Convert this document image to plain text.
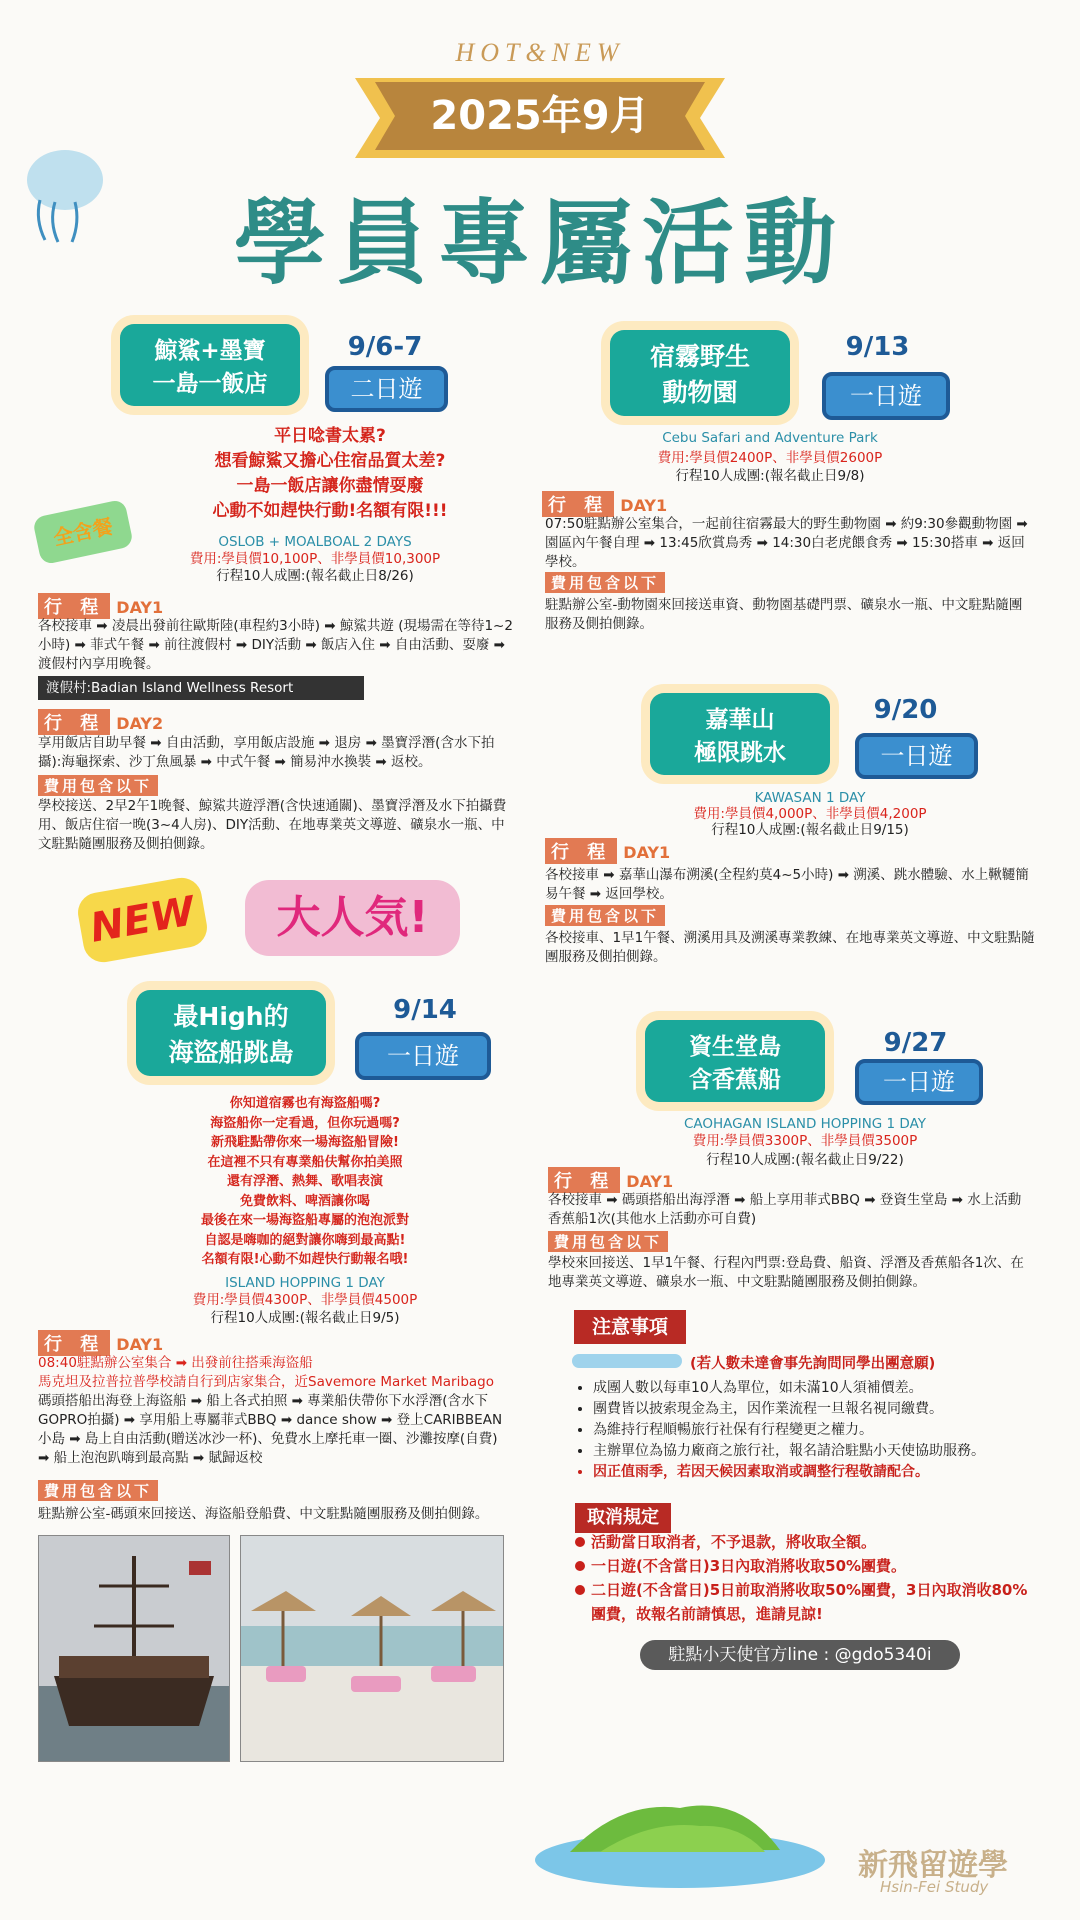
HOT&NEW
2025年9月
學員專屬活動
鯨鯊+墨寶
一島一飯店
9/6-7
二日遊
平日唸書太累?
想看鯨鯊又擔心住宿品質太差?
一島一飯店讓你盡情耍廢
心動不如趕快行動!名額有限!!!
全含餐	OSLOB + MOALBOAL 2 DAYS
費用:學員價10,100P、非學員價10,300P
行程10人成團:(報名截止日8/26)
行 程 DAY1
各校接車 ➡ 凌晨出發前往歐斯陸(車程約3小時) ➡ 鯨鯊共遊 (現場需在等待1~2小時) ➡ 菲式午餐 ➡ 前往渡假村 ➡ DIY活動 ➡ 飯店入住 ➡ 自由活動、耍廢 ➡ 渡假村內享用晚餐。
渡假村:Badian Island Wellness Resort
行 程 DAY2
享用飯店自助早餐 ➡ 自由活動，享用飯店設施 ➡ 退房 ➡ 墨寶浮潛(含水下拍攝):海龜探索、沙丁魚風暴 ➡ 中式午餐 ➡ 簡易沖水換裝 ➡ 返校。
費用包含以下
學校接送、2早2午1晚餐、鯨鯊共遊浮潛(含快速通關)、墨寶浮潛及水下拍攝費用、飯店住宿一晚(3~4人房)、DIY活動、在地專業英文導遊、礦泉水一瓶、中文駐點隨團服務及側拍側錄。
宿霧野生
動物園
9/13
一日遊
Cebu Safari and Adventure Park
費用:學員價2400P、非學員價2600P
行程10人成團:(報名截止日9/8)
行 程 DAY1
07:50駐點辦公室集合，一起前往宿霧最大的野生動物園 ➡ 約9:30參觀動物園 ➡ 園區內午餐自理 ➡ 13:45欣賞鳥秀 ➡ 14:30白老虎餵食秀 ➡ 15:30搭車 ➡ 返回學校。
費用包含以下
駐點辦公室-動物園來回接送車資、動物園基礎門票、礦泉水一瓶、中文駐點隨團服務及側拍側錄。
嘉華山
極限跳水
9/20
一日遊
KAWASAN 1 DAY
費用:學員價4,000P、非學員價4,200P
行程10人成團:(報名截止日9/15)
行 程 DAY1
各校接車 ➡ 嘉華山瀑布溯溪(全程約莫4~5小時) ➡ 溯溪、跳水體驗、水上鞦韆簡易午餐 ➡ 返回學校。
費用包含以下
各校接車、1早1午餐、溯溪用具及溯溪專業教練、在地專業英文導遊、中文駐點隨團服務及側拍側錄。
NEW	大人気!
最High的
海盜船跳島
9/14
一日遊
你知道宿霧也有海盜船嗎?
海盜船你一定看過，但你玩過嗎?
新飛駐點帶你來一場海盜船冒險!
在這裡不只有專業船伕幫你拍美照
還有浮潛、熱舞、歌唱表演
免費飲料、啤酒讓你喝
最後在來一場海盜船專屬的泡泡派對
自認是嗨咖的絕對讓你嗨到最高點!
名額有限!心動不如趕快行動報名哦!
ISLAND HOPPING 1 DAY
費用:學員價4300P、非學員價4500P
行程10人成團:(報名截止日9/5)
行 程 DAY1
08:40駐點辦公室集合 ➡ 出發前往搭乘海盜船
馬克坦及拉普拉普學校請自行到店家集合，近Savemore Market Maribago
碼頭搭船出海登上海盜船 ➡ 船上各式拍照 ➡ 專業船伕帶你下水浮潛(含水下GOPRO拍攝) ➡ 享用船上專屬菲式BBQ ➡ dance show ➡ 登上CARIBBEAN 小島 ➡ 島上自由活動(贈送冰沙一杯)、免費水上摩托車一圈、沙灘按摩(自費) ➡ 船上泡泡趴嗨到最高點 ➡ 賦歸返校
費用包含以下
駐點辦公室-碼頭來回接送、海盜船登船費、中文駐點隨團服務及側拍側錄。
資生堂島
含香蕉船
9/27
一日遊
CAOHAGAN ISLAND HOPPING 1 DAY
費用:學員價3300P、非學員價3500P
行程10人成團:(報名截止日9/22)
行 程 DAY1
各校接車 ➡ 碼頭搭船出海浮潛 ➡ 船上享用菲式BBQ ➡ 登資生堂島 ➡ 水上活動香蕉船1次(其他水上活動亦可自費)
費用包含以下
學校來回接送、1早1午餐、行程內門票:登島費、船資、浮潛及香蕉船各1次、在地專業英文導遊、礦泉水一瓶、中文駐點隨團服務及側拍側錄。
注意事項
(若人數未達會事先詢問同學出團意願)
• 成團人數以每車10人為單位，如未滿10人須補價差。
• 團費皆以披索現金為主，因作業流程一旦報名視同繳費。
• 為維持行程順暢旅行社保有行程變更之權力。
• 主辦單位為協力廠商之旅行社，報名請洽駐點小天使協助服務。
• 因正值雨季，若因天候因素取消或調整行程敬請配合。
取消規定
活動當日取消者，不予退款，將收取全額。
一日遊(不含當日)3日內取消將收取50%團費。
二日遊(不含當日)5日前取消將收取50%團費，3日內取消收80%團費，故報名前請慎思，進請見諒!
駐點小天使官方line : @gdo5340i
新飛留遊學
Hsin-Fei Study
